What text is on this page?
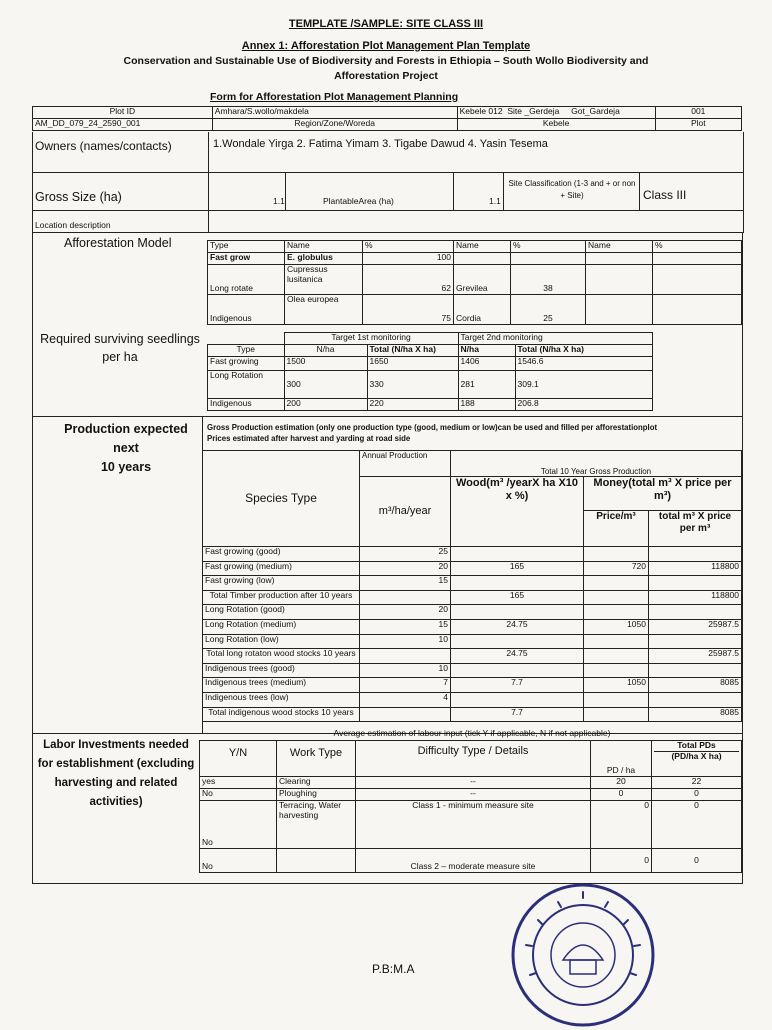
TEMPLATE /SAMPLE: SITE CLASS III
Annex 1: Afforestation Plot Management Plan Template
Conservation and Sustainable Use of Biodiversity and Forests in Ethiopia – South Wollo Biodiversity and
Afforestation Project
Form for Afforestation Plot Management Planning
Plot ID	Amhara/S.wollo/makdela	Kebele 012 Site _Gerdeja Got_Gardeja	001
AM_DD_079_24_2590_001	Region/Zone/Woreda	Kebele	Plot
Owners (names/contacts)	1.Wondale Yirga 2. Fatima Yimam 3. Tigabe Dawud 4. Yasin Tesema
Gross Size (ha)	1.1	PlantableArea (ha)	1.1
Site Classification (1-3 and + or non + Site)	Class III
Location description
Afforestation Model	Type	Name	%	Name	%	Name	%
Fast grow	E. globulus	100				
Long rotate	Cupressus lusitanica	62	Grevilea	38		
Indigenous	Olea europea	75	Cordia	25		
Required surviving seedlings per ha
	Target 1st monitoring		Target 2nd monitoring		
Type	N/ha	Total (N/ha X ha)	N/ha	Total (N/ha X ha)	
Fast growing	1500	1650	1406	1546.6	
Long Rotation	300	330	281	309.1	
Indigenous	200	220	188	206.8	
Production expected
next
10 years
Gross Production estimation (only one production type (good, medium or low)can be used and filled per afforestationplot Prices estimated after harvest and yarding at road side
Species Type	Annual Production	Total 10 Year Gross Production		
	m³/ha/year	Wood(m³ /yearX ha X10 x %)	Money(total m³ X price per m³)	
			Price/m³	total m³ X price per m³
Fast growing (good)	25			
Fast growing (medium)	20	165	720	118800
Fast growing (low)	15			
Total Timber production after 10 years		165		118800
Long Rotation (good)	20			
Long Rotation (medium)	15	24.75	1050	25987.5
Long Rotation (low)	10			
Total long rotaton wood stocks 10 years		24.75		25987.5
Indigenous trees (good)	10			
Indigenous trees (medium)	7	7.7	1050	8085
Indigenous trees (low)	4			
Total indigenous wood stocks 10 years		7.7		8085
Labor Investments needed for establishment (excluding harvesting and related activities)
Average estimation of labour input (tick Y if applicable, N if not applicable)
Y/N	Work Type	Difficulty Type / Details	PD / ha	Total PDs
(PD/ha X ha)

yes	Clearing	--	20	22
No	Ploughing	--	0	0
No	Terracing, Water harvesting	Class 1 - minimum measure site	0	0
No		Class 2 – moderate measure site	0	0
P.B:M.A
